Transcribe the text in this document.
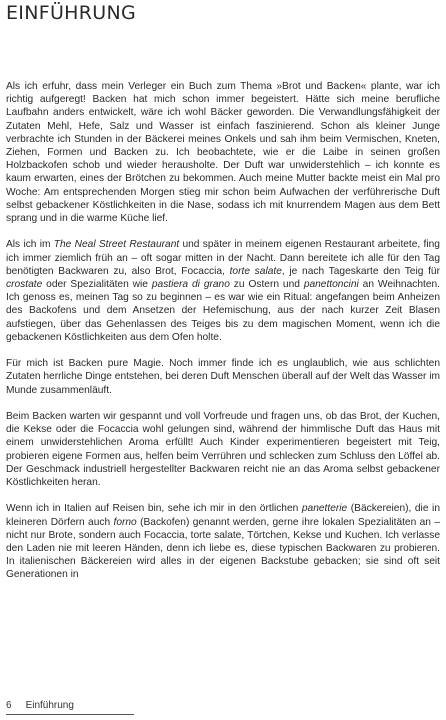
EINFÜHRUNG

Als ich erfuhr, dass mein Verleger ein Buch zum Thema »Brot und Backen« plante, war ich richtig aufgeregt! Backen hat mich schon immer begeistert. Hätte sich meine berufliche Laufbahn anders entwickelt, wäre ich wohl Bäcker geworden. Die Verwandlungsfähigkeit der Zutaten Mehl, Hefe, Salz und Wasser ist einfach faszinierend. Schon als kleiner Junge verbrachte ich Stunden in der Bäckerei meines Onkels und sah ihm beim Vermischen, Kneten, Ziehen, Formen und Backen zu. Ich beobachtete, wie er die Laibe in seinen großen Holzbackofen schob und wieder herausholte. Der Duft war unwiderstehlich – ich konnte es kaum erwarten, eines der Brötchen zu bekommen. Auch meine Mutter backte meist ein Mal pro Woche: Am entsprechenden Morgen stieg mir schon beim Aufwachen der verführerische Duft selbst gebackener Köstlichkeiten in die Nase, sodass ich mit knurrendem Magen aus dem Bett sprang und in die warme Küche lief.

Als ich im The Neal Street Restaurant und später in meinem eigenen Restaurant arbeitete, fing ich immer ziemlich früh an – oft sogar mitten in der Nacht. Dann bereitete ich alle für den Tag benötigten Backwaren zu, also Brot, Focaccia, torte salate, je nach Tageskarte den Teig für crostate oder Spezialitäten wie pastiera di grano zu Ostern und panettoncini an Weihnachten. Ich genoss es, meinen Tag so zu beginnen – es war wie ein Ritual: angefangen beim Anheizen des Backofens und dem Ansetzen der Hefemischung, aus der nach kurzer Zeit Blasen aufstiegen, über das Gehenlassen des Teiges bis zu dem magischen Moment, wenn ich die gebackenen Köstlichkeiten aus dem Ofen holte.

Für mich ist Backen pure Magie. Noch immer finde ich es unglaublich, wie aus schlichten Zutaten herrliche Dinge entstehen, bei deren Duft Menschen überall auf der Welt das Wasser im Munde zusammenläuft.

Beim Backen warten wir gespannt und voll Vorfreude und fragen uns, ob das Brot, der Kuchen, die Kekse oder die Focaccia wohl gelungen sind, während der himmlische Duft das Haus mit einem unwiderstehlichen Aroma erfüllt! Auch Kinder experimentieren begeistert mit Teig, probieren eigene Formen aus, helfen beim Verrühren und schlecken zum Schluss den Löffel ab. Der Geschmack industriell hergestellter Backwaren reicht nie an das Aroma selbst gebackener Köstlichkeiten heran.

Wenn ich in Italien auf Reisen bin, sehe ich mir in den örtlichen panetterie (Bäckereien), die in kleineren Dörfern auch forno (Backofen) genannt werden, gerne ihre lokalen Spezialitäten an – nicht nur Brote, sondern auch Focaccia, torte salate, Törtchen, Kekse und Kuchen. Ich verlasse den Laden nie mit leeren Händen, denn ich liebe es, diese typischen Backwaren zu probieren. In italienischen Bäckereien wird alles in der eigenen Backstube gebacken; sie sind oft seit Generationen in

6 Einführung
